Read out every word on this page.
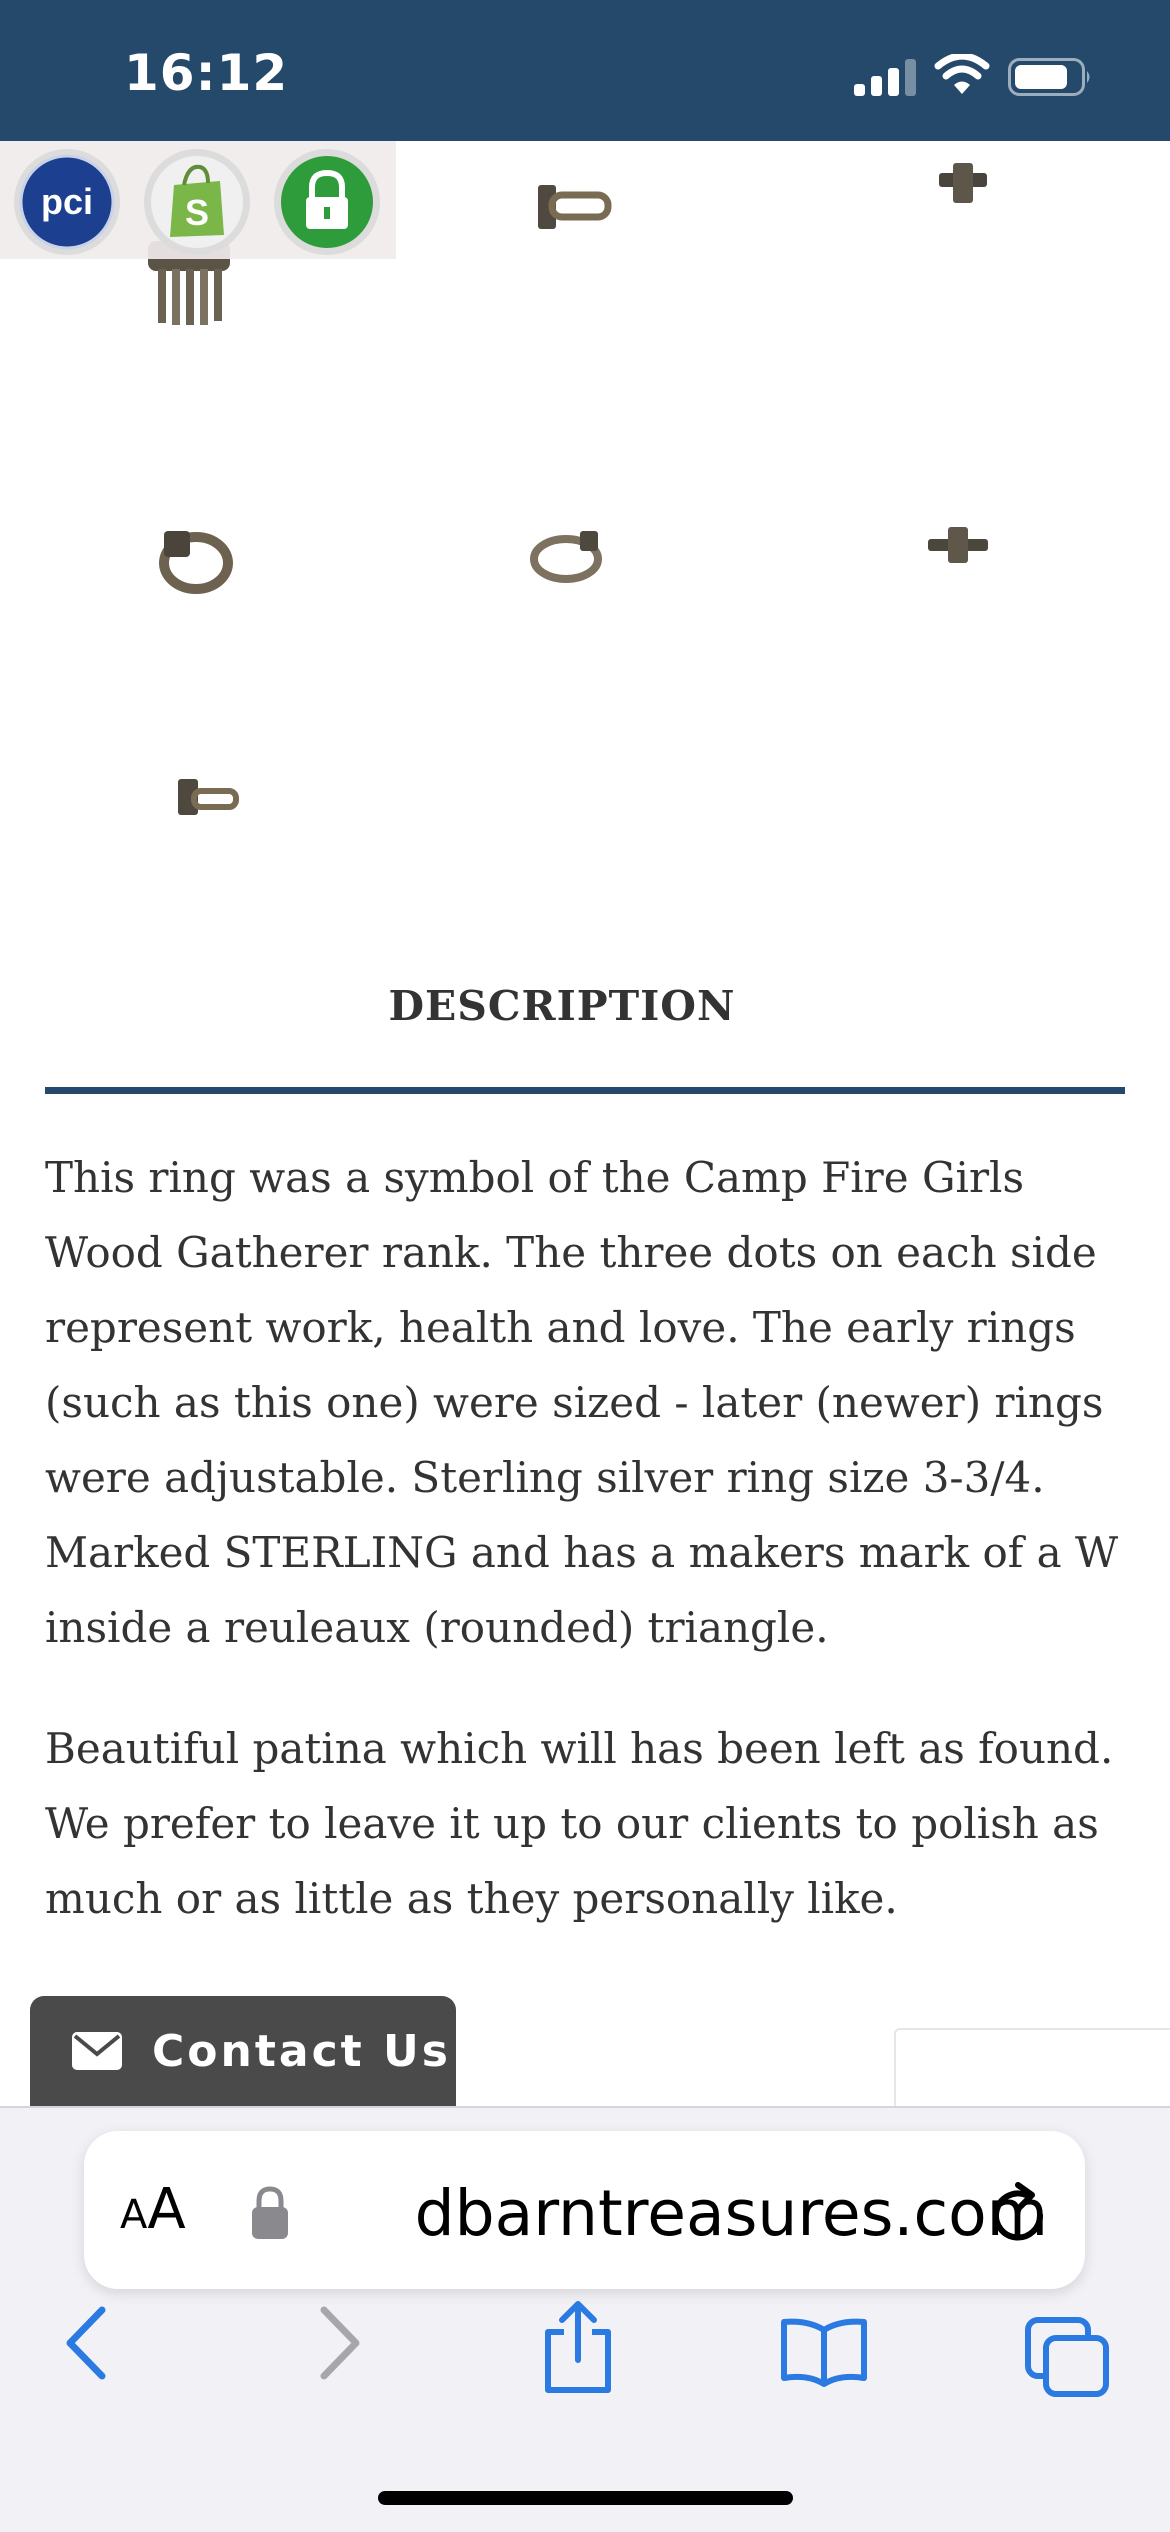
16:12
pci	S
DESCRIPTION

This ring was a symbol of the Camp Fire Girls Wood Gatherer rank. The three dots on each side represent work, health and love. The early rings (such as this one) were sized - later (newer) rings were adjustable. Sterling silver ring size 3-3/4. Marked STERLING and has a makers mark of a W inside a reuleaux (rounded) triangle.

Beautiful patina which will has been left as found. We prefer to leave it up to our clients to polish as much or as little as they personally like.

Contact Us
AA	dbarntreasures.com
